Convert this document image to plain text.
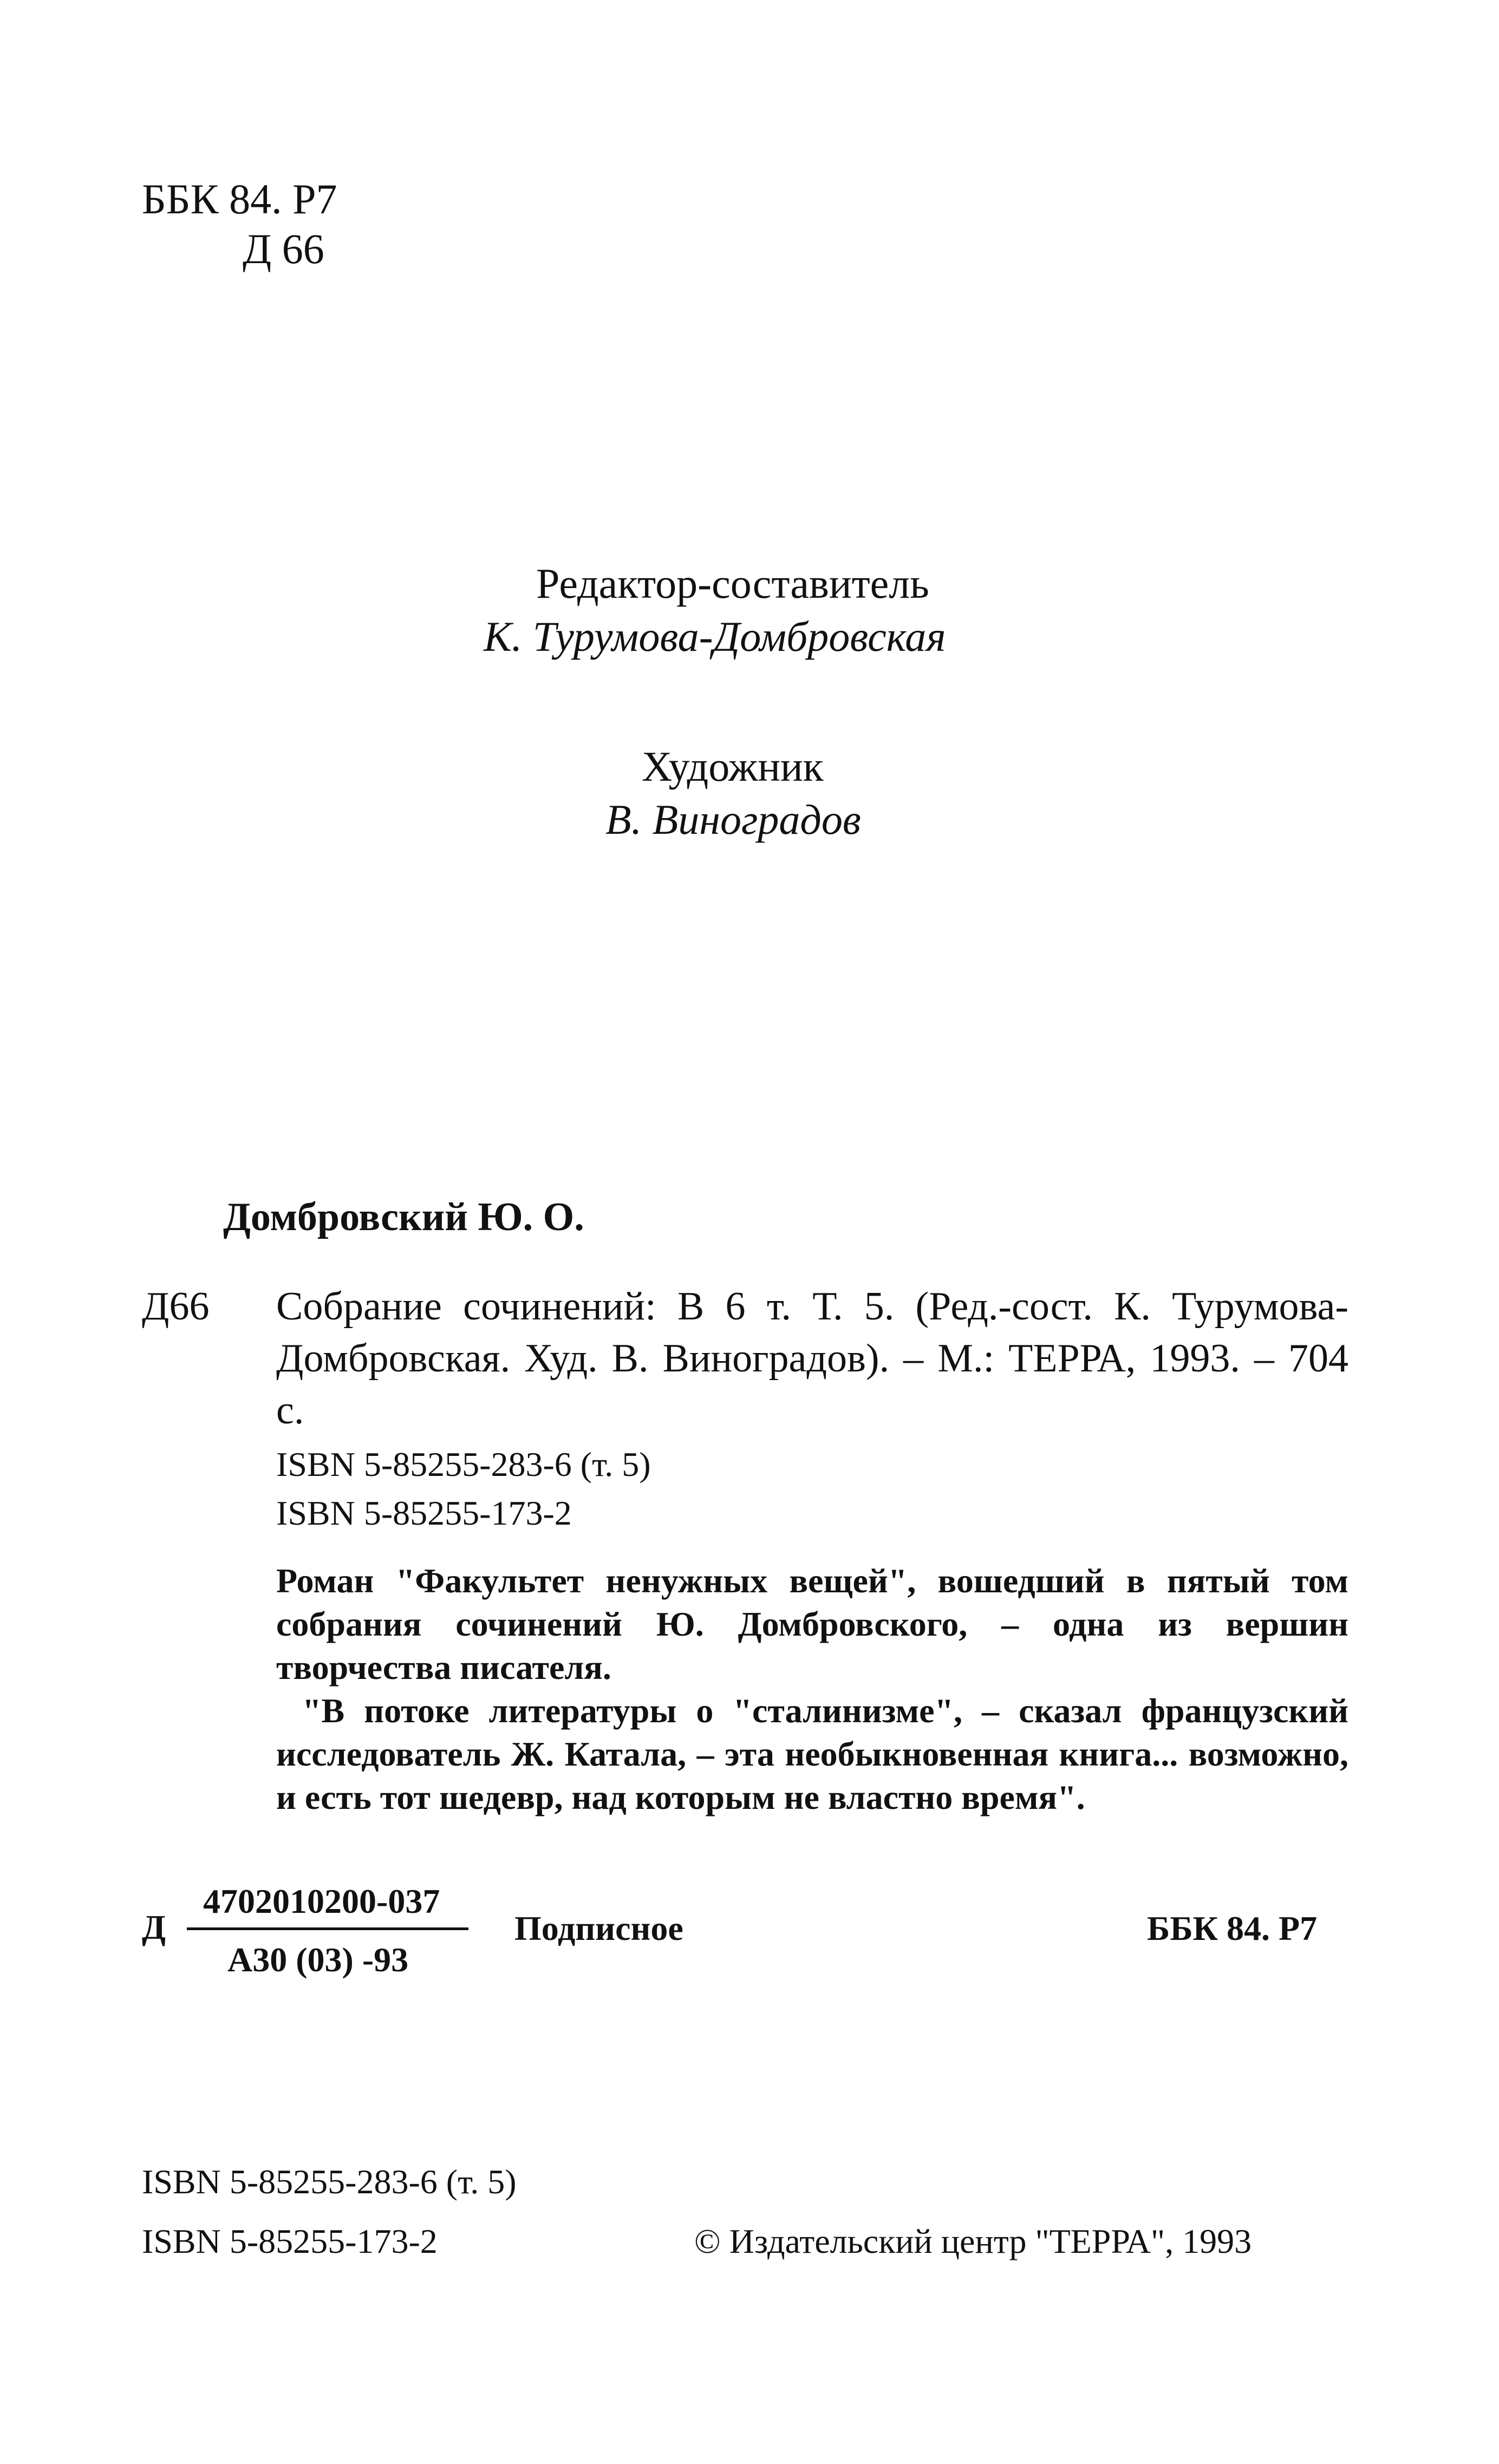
ББК 84. Р7
Д 66
Редактор-составитель
К. Турумова-Домбровская
Художник
В. Виноградов
Домбровский Ю. О.
Д66 Собрание сочинений: В 6 т. Т. 5. (Ред.-сост. К. Турумова-Домбровская. Худ. В. Виноградов). – М.: ТЕРРА, 1993. – 704 с.
ISBN 5-85255-283-6 (т. 5)
ISBN 5-85255-173-2
Роман "Факультет ненужных вещей", вошедший в пятый том собрания сочинений Ю. Домбровского, – одна из вершин творчества писателя.
"В потоке литературы о "сталинизме", – сказал французский исследователь Ж. Катала, – эта необыкновенная книга... возможно, и есть тот шедевр, над которым не властно время".
Д
4702010200-037
А30 (03) -93
Подписное	ББК 84. Р7
ISBN 5-85255-283-6 (т. 5)
ISBN 5-85255-173-2	© Издательский центр "ТЕРРА", 1993
